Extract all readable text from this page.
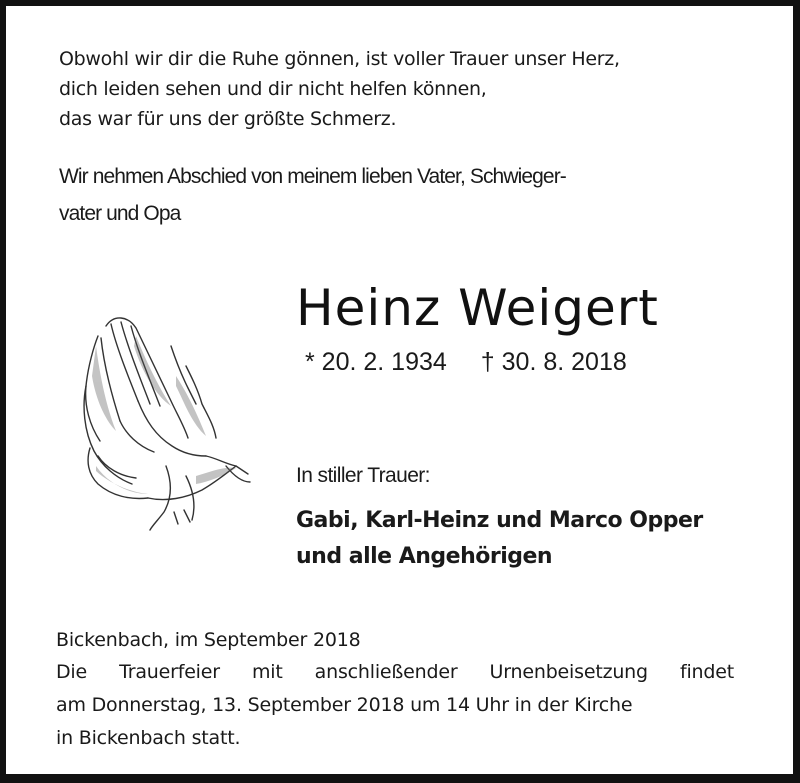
Obwohl wir dir die Ruhe gönnen, ist voller Trauer unser Herz,
dich leiden sehen und dir nicht helfen können,
das war für uns der größte Schmerz.
Wir nehmen Abschied von meinem lieben Vater, Schwieger-
vater und Opa
Heinz Weigert
* 20. 2. 1934 † 30. 8. 2018
In stiller Trauer:
Gabi, Karl-Heinz und Marco Opper
und alle Angehörigen
Bickenbach, im September 2018
Die Trauerfeier mit anschließender Urnenbeisetzung findet
am Donnerstag, 13. September 2018 um 14 Uhr in der Kirche
in Bickenbach statt.
